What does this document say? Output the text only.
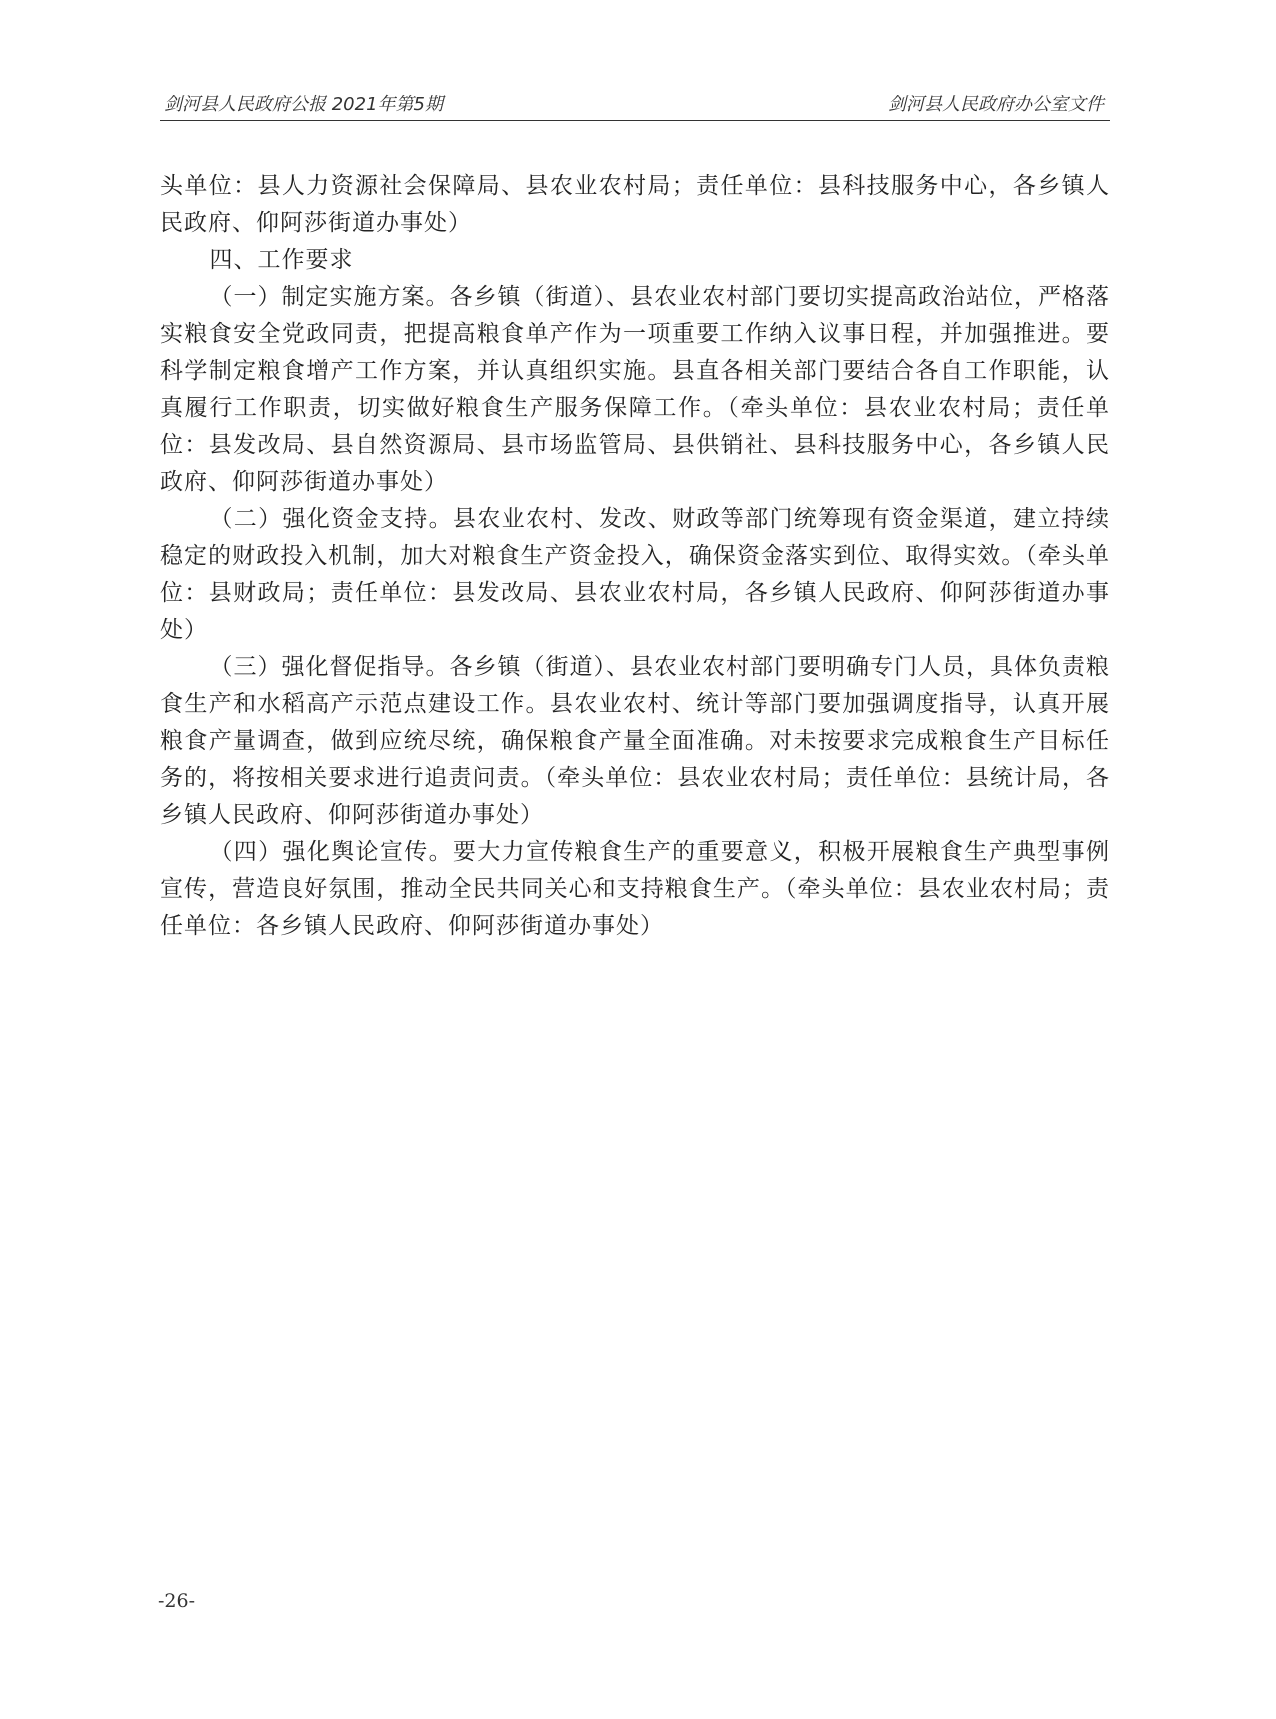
剑河县人民政府公报 2021年第5期	剑河县人民政府办公室文件

头单位：县人力资源社会保障局、县农业农村局；责任单位：县科技服务中心，各乡镇人民政府、仰阿莎街道办事处）

四、工作要求

（一）制定实施方案。各乡镇（街道）、县农业农村部门要切实提高政治站位，严格落实粮食安全党政同责，把提高粮食单产作为一项重要工作纳入议事日程，并加强推进。要科学制定粮食增产工作方案，并认真组织实施。县直各相关部门要结合各自工作职能，认真履行工作职责，切实做好粮食生产服务保障工作。（牵头单位：县农业农村局；责任单位：县发改局、县自然资源局、县市场监管局、县供销社、县科技服务中心，各乡镇人民政府、仰阿莎街道办事处）

（二）强化资金支持。县农业农村、发改、财政等部门统筹现有资金渠道，建立持续稳定的财政投入机制，加大对粮食生产资金投入，确保资金落实到位、取得实效。（牵头单位：县财政局；责任单位：县发改局、县农业农村局，各乡镇人民政府、仰阿莎街道办事处）

（三）强化督促指导。各乡镇（街道）、县农业农村部门要明确专门人员，具体负责粮食生产和水稻高产示范点建设工作。县农业农村、统计等部门要加强调度指导，认真开展粮食产量调查，做到应统尽统，确保粮食产量全面准确。对未按要求完成粮食生产目标任务的，将按相关要求进行追责问责。（牵头单位：县农业农村局；责任单位：县统计局，各乡镇人民政府、仰阿莎街道办事处）

（四）强化舆论宣传。要大力宣传粮食生产的重要意义，积极开展粮食生产典型事例宣传，营造良好氛围，推动全民共同关心和支持粮食生产。（牵头单位：县农业农村局；责任单位：各乡镇人民政府、仰阿莎街道办事处）

-26-
